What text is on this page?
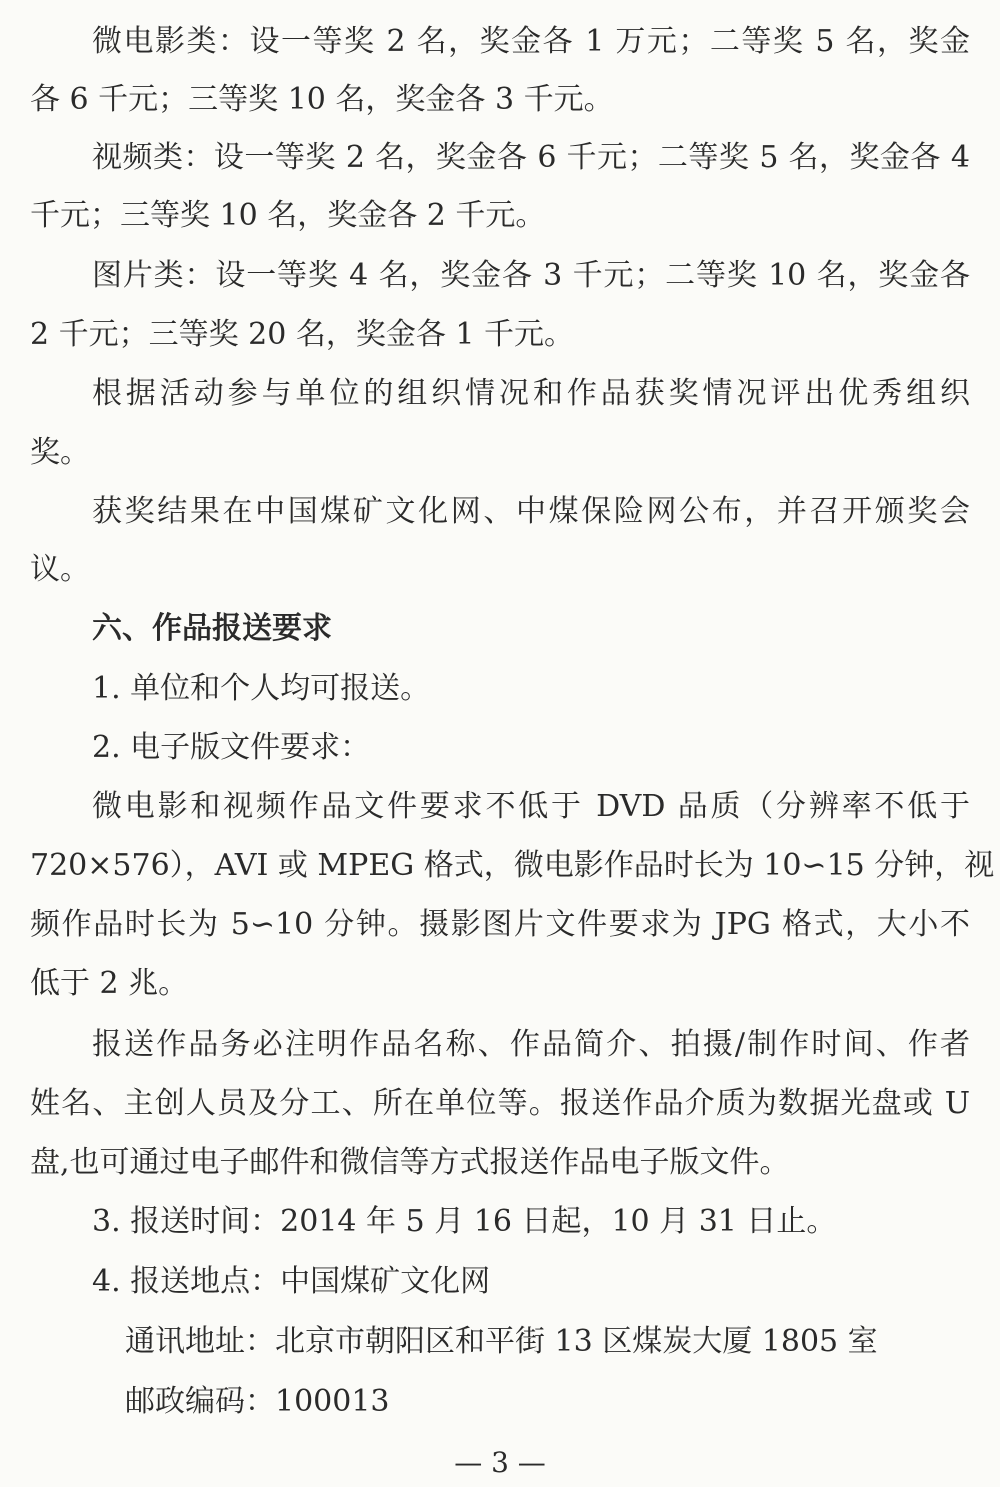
微电影类：设一等奖 2 名，奖金各 1 万元；二等奖 5 名，奖金
各 6 千元；三等奖 10 名，奖金各 3 千元。
视频类：设一等奖 2 名，奖金各 6 千元；二等奖 5 名，奖金各 4
千元；三等奖 10 名，奖金各 2 千元。
图片类：设一等奖 4 名，奖金各 3 千元；二等奖 10 名，奖金各
2 千元；三等奖 20 名，奖金各 1 千元。
根据活动参与单位的组织情况和作品获奖情况评出优秀组织
奖。
获奖结果在中国煤矿文化网、中煤保险网公布，并召开颁奖会
议。
六、作品报送要求
1. 单位和个人均可报送。
2. 电子版文件要求：
微电影和视频作品文件要求不低于 DVD 品质（分辨率不低于
720×576），AVI 或 MPEG 格式，微电影作品时长为 10∽15 分钟，视
频作品时长为 5∽10 分钟。摄影图片文件要求为 JPG 格式，大小不
低于 2 兆。
报送作品务必注明作品名称、作品简介、拍摄/制作时间、作者
姓名、主创人员及分工、所在单位等。报送作品介质为数据光盘或 U
盘,也可通过电子邮件和微信等方式报送作品电子版文件。
3. 报送时间：2014 年 5 月 16 日起，10 月 31 日止。
4. 报送地点：中国煤矿文化网
通讯地址：北京市朝阳区和平街 13 区煤炭大厦 1805 室
邮政编码：100013
— 3 —
